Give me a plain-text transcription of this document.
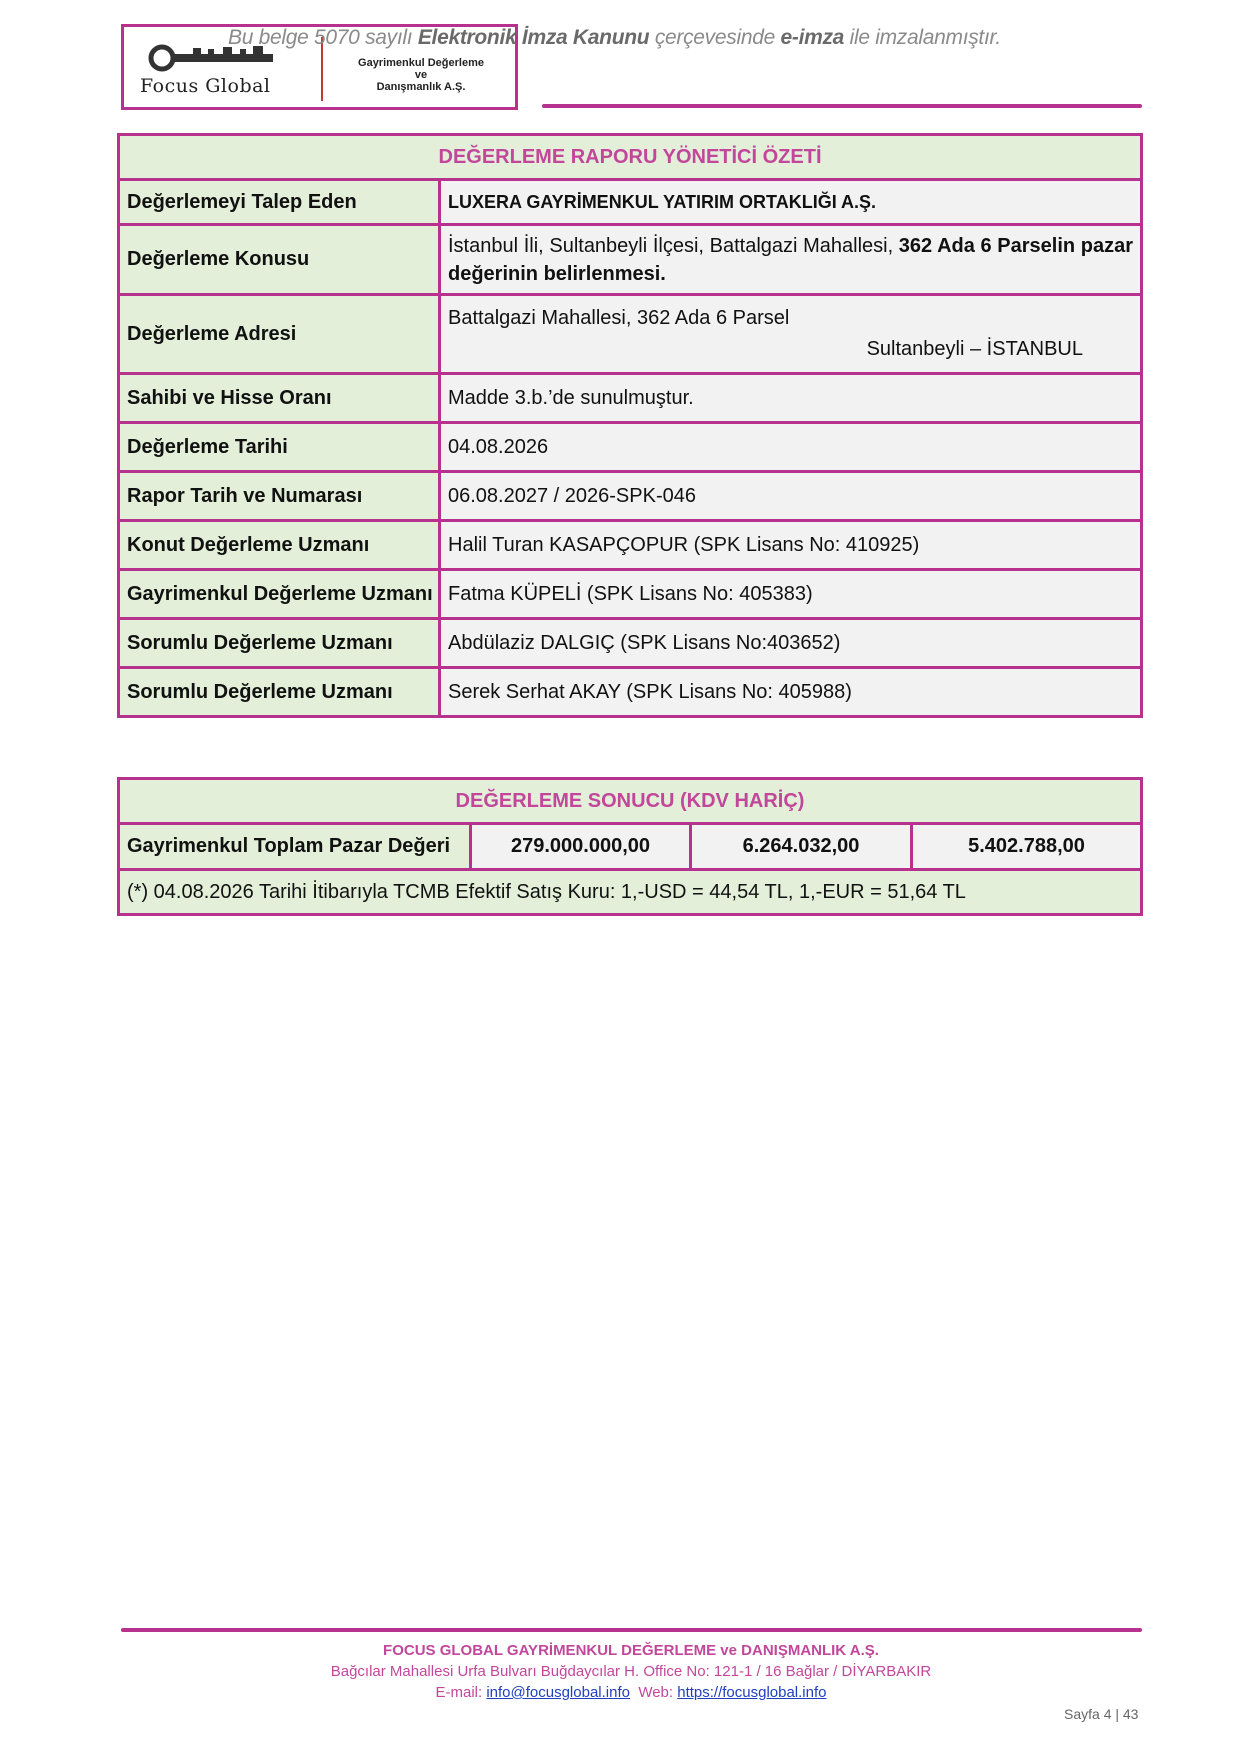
Focus Global
Gayrimenkul Değerleme
ve
Danışmanlık A.Ş.
Bu belge 5070 sayılı Elektronik İmza Kanunu çerçevesinde e-imza ile imzalanmıştır.
DEĞERLEME RAPORU YÖNETİCİ ÖZETİ	
Değerlemeyi Talep Eden	LUXERA GAYRİMENKUL YATIRIM ORTAKLIĞI A.Ş.
Değerleme Konusu	İstanbul İli, Sultanbeyli İlçesi, Battalgazi Mahallesi, 362 Ada 6 Parselin pazar değerinin belirlenmesi.

Değerleme Adresi	Battalgazi Mahallesi, 362 Ada 6 Parsel
Sultanbeyli – İSTANBUL

Sahibi ve Hisse Oranı	Madde 3.b.’de sunulmuştur.
Değerleme Tarihi	04.08.2026
Rapor Tarih ve Numarası	06.08.2027 / 2026-SPK-046
Konut Değerleme Uzmanı	Halil Turan KASAPÇOPUR (SPK Lisans No: 410925)
Gayrimenkul Değerleme Uzmanı	Fatma KÜPELİ (SPK Lisans No: 405383)
Sorumlu Değerleme Uzmanı	Abdülaziz DALGIÇ (SPK Lisans No:403652)
Sorumlu Değerleme Uzmanı	Serek Serhat AKAY (SPK Lisans No: 405988)
DEĞERLEME SONUCU (KDV HARİÇ)
Gayrimenkul Toplam Pazar Değeri	279.000.000,00	6.264.032,00	5.402.788,00
(*) 04.08.2026 Tarihi İtibarıyla TCMB Efektif Satış Kuru: 1,-USD = 44,54 TL, 1,-EUR = 51,64 TL
FOCUS GLOBAL GAYRİMENKUL DEĞERLEME ve DANIŞMANLIK A.Ş.
Bağcılar Mahallesi Urfa Bulvarı Buğdaycılar H. Office No: 121-1 / 16 Bağlar / DİYARBAKIR
E-mail: info@focusglobal.info Web: https://focusglobal.info
Sayfa 4 | 43
